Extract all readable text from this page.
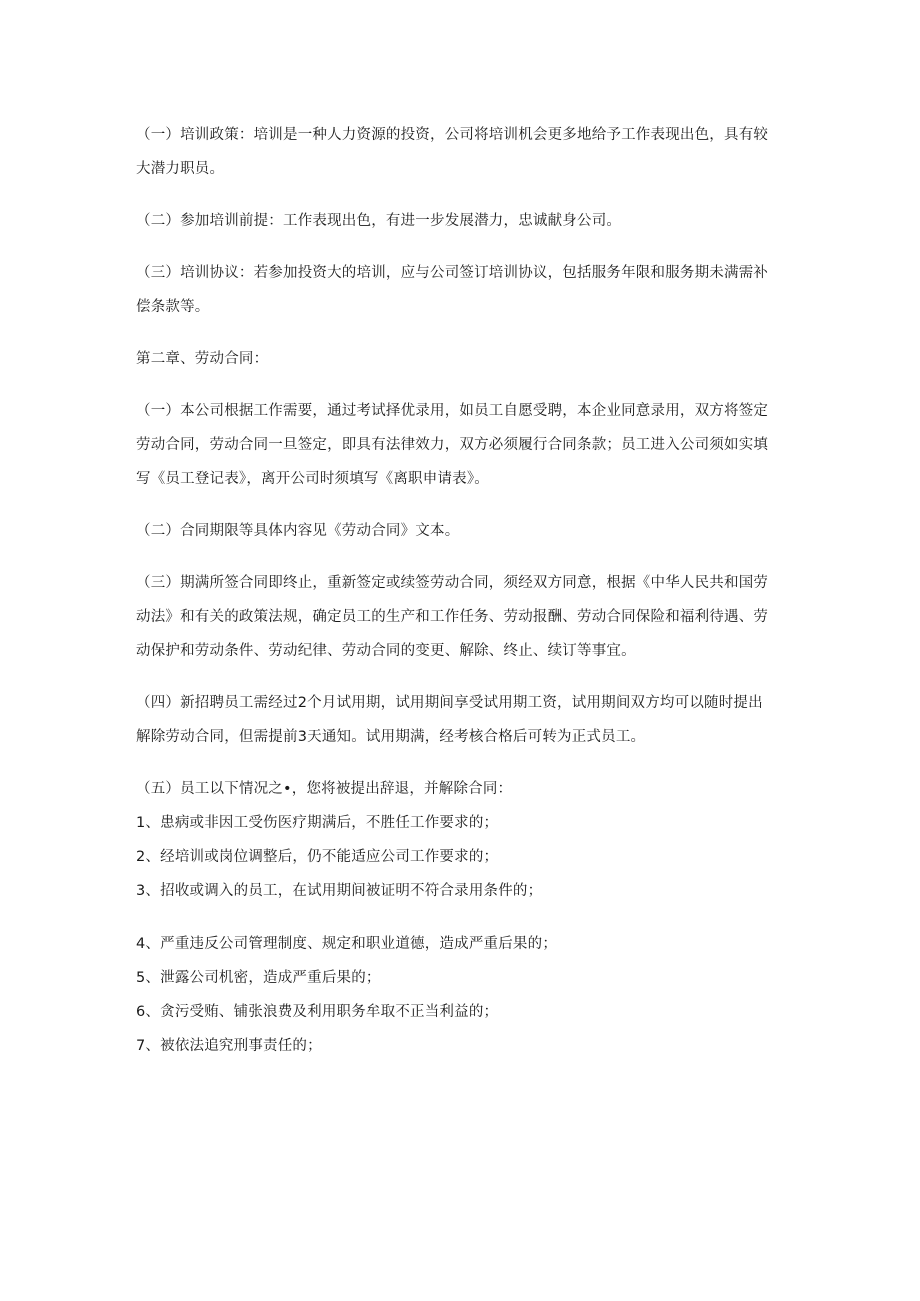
（一）培训政策：培训是一种人力资源的投资，公司将培训机会更多地给予工作表现出色，具有较大潜力职员。

（二）参加培训前提：工作表现出色，有进一步发展潜力，忠诚献身公司。

（三）培训协议：若参加投资大的培训，应与公司签订培训协议，包括服务年限和服务期未满需补偿条款等。

第二章、劳动合同：

（一）本公司根据工作需要，通过考试择优录用，如员工自愿受聘，本企业同意录用，双方将签定劳动合同，劳动合同一旦签定，即具有法律效力，双方必须履行合同条款；员工进入公司须如实填写《员工登记表》，离开公司时须填写《离职申请表》。

（二）合同期限等具体内容见《劳动合同》文本。

（三）期满所签合同即终止，重新签定或续签劳动合同，须经双方同意，根据《中华人民共和国劳动法》和有关的政策法规，确定员工的生产和工作任务、劳动报酬、劳动合同保险和福利待遇、劳动保护和劳动条件、劳动纪律、劳动合同的变更、解除、终止、续订等事宜。

（四）新招聘员工需经过2个月试用期，试用期间享受试用期工资，试用期间双方均可以随时提出解除劳动合同，但需提前3天通知。试用期满，经考核合格后可转为正式员工。

（五）员工以下情况之•，您将被提出辞退，并解除合同：

1、患病或非因工受伤医疗期满后，不胜任工作要求的；

2、经培训或岗位调整后，仍不能适应公司工作要求的；

3、招收或调入的员工，在试用期间被证明不符合录用条件的；

4、严重违反公司管理制度、规定和职业道德，造成严重后果的；

5、泄露公司机密，造成严重后果的；

6、贪污受贿、铺张浪费及利用职务牟取不正当利益的；

7、被依法追究刑事责任的；
